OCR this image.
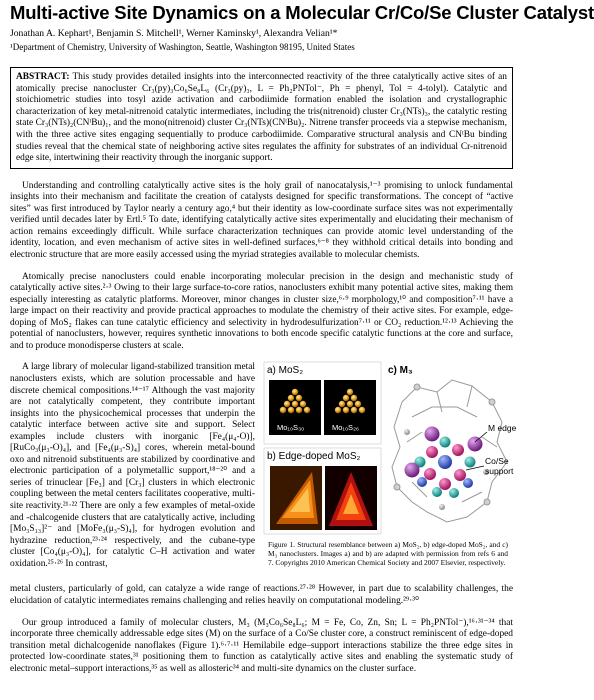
Multi-active Site Dynamics on a Molecular Cr/Co/Se Cluster Catalyst
Jonathan A. Kephart¹, Benjamin S. Mitchell¹, Werner Kaminsky¹, Alexandra Velian¹*
¹Department of Chemistry, University of Washington, Seattle, Washington 98195, United States
ABSTRACT: This study provides detailed insights into the interconnected reactivity of the three catalytically active sites of an atomically precise nanocluster Cr₃(py)₃Co₆Se₈L₆ (Cr₃(py)₃, L = Ph₂PNTol⁻, Ph = phenyl, Tol = 4-tolyl). Catalytic and stoichiometric studies into tosyl azide activation and carbodiimide formation enabled the isolation and crystallographic characterization of key metal-nitrenoid catalytic intermediates, including the tris(nitrenoid) cluster Cr₃(NTs)₃, the catalytic resting state Cr₃(NTs)₂(CNᵗBu)₁, and the mono(nitrenoid) cluster Cr₃(NTs)(CNᵗBu)₂. Nitrene transfer proceeds via a stepwise mechanism, with the three active sites engaging sequentially to produce carbodiimide. Comparative structural analysis and CNᵗBu binding studies reveal that the chemical state of neighboring active sites regulates the affinity for substrates of an individual Cr-nitrenoid edge site, intertwining their reactivity through the inorganic support.

Understanding and controlling catalytically active sites is the holy grail of nanocatalysis,¹⁻³ promising to unlock fundamental insights into their mechanism and facilitate the creation of catalysts designed for specific transformations. The concept of “active sites” was first introduced by Taylor nearly a century ago,⁴ but their identity as low-coordinate surface sites was not experimentally verified until decades later by Ertl.⁵ To date, identifying catalytically active sites experimentally and elucidating their mechanism of action remains exceedingly difficult. While surface characterization techniques can provide atomic level understanding of the identity, location, and even mechanism of active sites in well-defined surfaces,⁶⁻⁸ they withhold critical details into bonding and electronic structure that are more easily accessed using the myriad strategies available to molecular chemists.

Atomically precise nanoclusters could enable incorporating molecular precision in the design and mechanistic study of catalytically active sites.²·³ Owing to their large surface-to-core ratios, nanoclusters exhibit many potential active sites, making them especially interesting as catalytic platforms. Moreover, minor changes in cluster size,⁶·⁹ morphology,¹⁰ and composition⁷·¹¹ have a large impact on their reactivity and provide practical approaches to modulate the chemistry of their active sites. For example, edge-doping of MoS₂ flakes can tune catalytic efficiency and selectivity in hydrodesulfurization⁷·¹¹ or CO₂ reduction.¹²·¹³ Achieving the potential of nanoclusters, however, requires synthetic innovations to both encode specific catalytic functions at the core and surface, and to produce monodisperse clusters at scale.

A large library of molecular ligand-stabilized transition metal nanoclusters exists, which are solution processable and have discrete chemical compositions.¹⁴⁻¹⁷ Although the vast majority are not catalytically competent, they contribute important insights into the physicochemical processes that underpin the catalytic interface between active site and support. Select examples include clusters with inorganic [Fe₄(μ₄-O)], [RuCo₃(μ₃-O)₄], and [Fe₄(μ₃-S)₄] cores, wherein metal-bound oxo and nitrenoid substituents are stabilized by coordinative and electronic participation of a polymetallic support,¹⁸⁻²⁰ and a series of trinuclear [Fe₃] and [Cr₃] clusters in which electronic coupling between the metal centers facilitates cooperative, multi-site reactivity.²¹·²² There are only a few examples of metal-oxide and -chalcogenide clusters that are catalytically active, including [Mo₃S₁₃]²⁻ and [MoFe₃(μ₃-S)₄], for hydrogen evolution and hydrazine reduction,²³·²⁴ respectively, and the cubane-type cluster [Co₄(μ₃-O)₄], for catalytic C–H activation and water oxidation.²⁵·²⁶ In contrast,
a) MoS₂
Mo₁₀S₃₀	Mo₁₀S₂₆
b) Edge-doped MoS₂
c) M₃
M edge
Co/Se
support
Figure 1. Structural resemblance between a) MoS₂, b) edge-doped MoS₂, and c) M₃ nanoclusters. Images a) and b) are adapted with permission from refs 6 and 7. Copyrights 2010 American Chemical Society and 2007 Elsevier, respectively.

metal clusters, particularly of gold, can catalyze a wide range of reactions.²⁷·²⁸ However, in part due to scalability challenges, the elucidation of catalytic intermediates remains challenging and relies heavily on computational modeling.²⁹·³⁰

Our group introduced a family of molecular clusters, M₃ (M₃Co₆Se₈L₆; M = Fe, Co, Zn, Sn; L = Ph₂PNTol⁻),¹⁶·³¹⁻³⁴ that incorporate three chemically addressable edge sites (M) on the surface of a Co/Se cluster core, a construct reminiscent of edge-doped transition metal dichalcogenide nanoflakes (Figure 1).⁶·⁷·¹¹ Hemilabile edge–support interactions stabilize the three edge sites in protected low-coordinate states,³¹ positioning them to function as catalytically active sites and enabling the systematic study of electronic metal–support interactions,³⁵ as well as allosteric³⁴ and multi-site dynamics on the cluster surface.
